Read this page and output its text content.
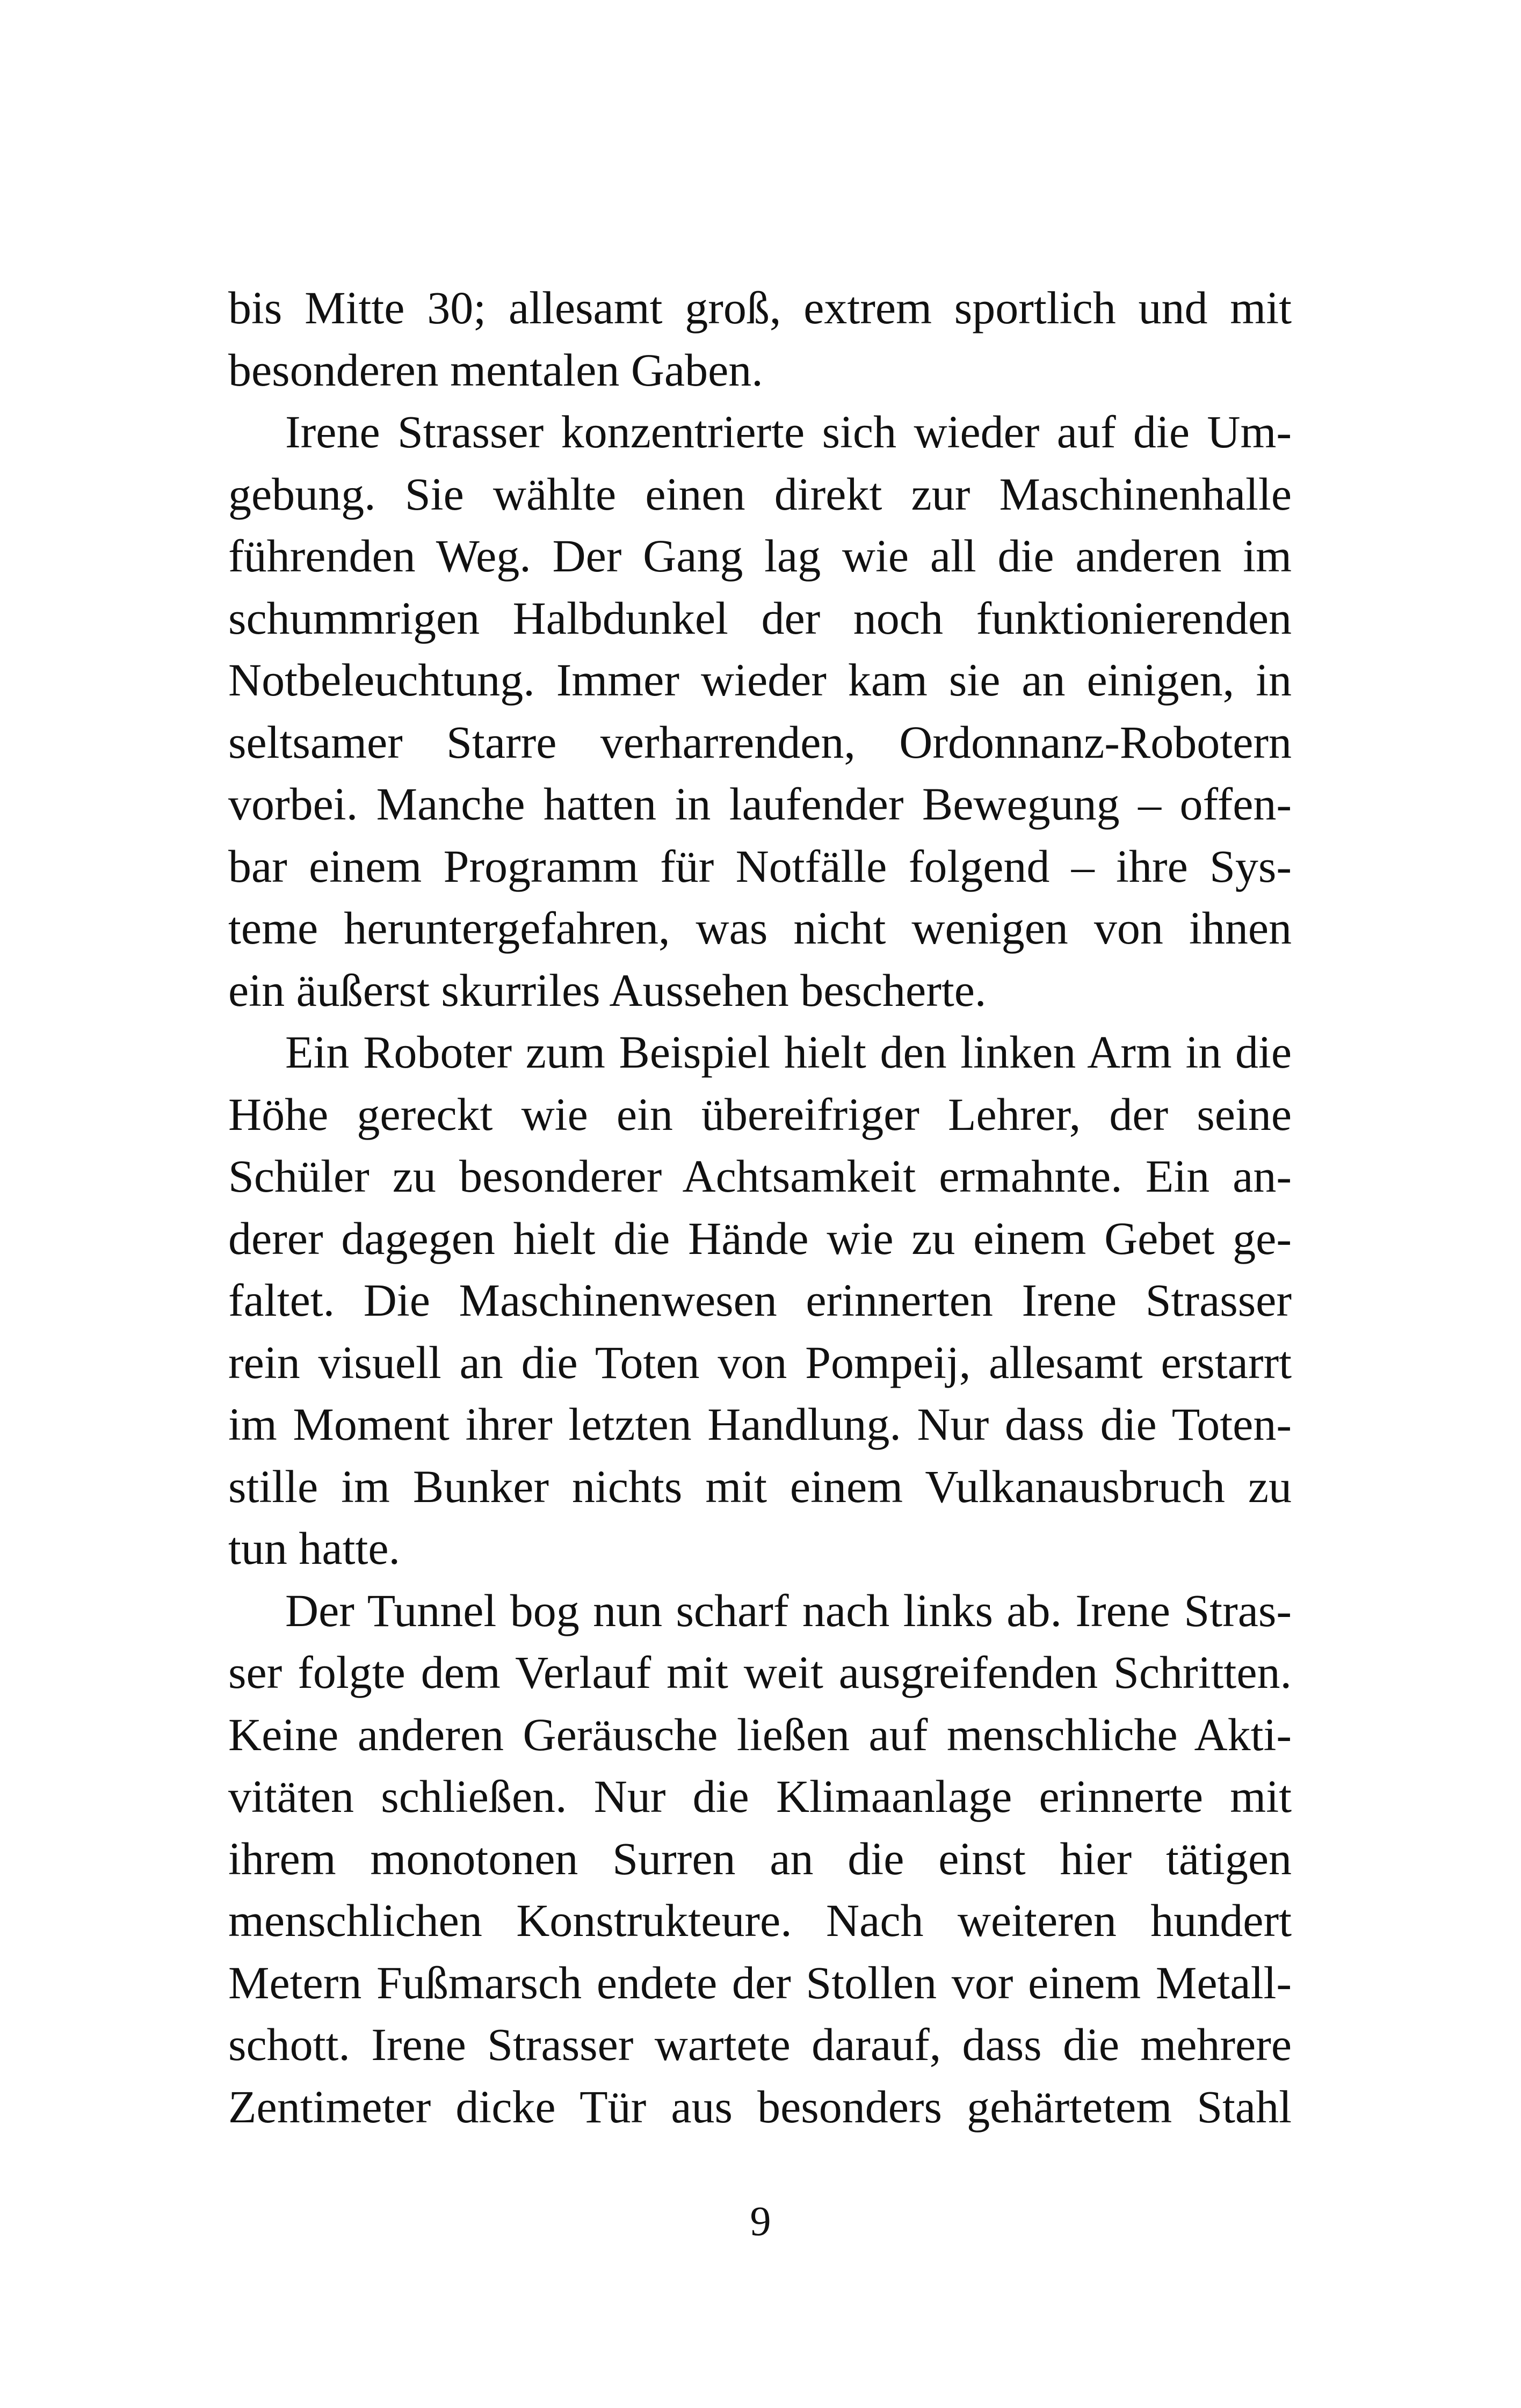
bis Mitte 30; allesamt groß, extrem sportlich und mit
besonderen mentalen Gaben.
Irene Strasser konzentrierte sich wieder auf die Um-
gebung. Sie wählte einen direkt zur Maschinenhalle
führenden Weg. Der Gang lag wie all die anderen im
schummrigen Halbdunkel der noch funktionierenden
Notbeleuchtung. Immer wieder kam sie an einigen, in
seltsamer Starre verharrenden, Ordonnanz-Robotern
vorbei. Manche hatten in laufender Bewegung – offen-
bar einem Programm für Notfälle folgend – ihre Sys-
teme heruntergefahren, was nicht wenigen von ihnen
ein äußerst skurriles Aussehen bescherte.
Ein Roboter zum Beispiel hielt den linken Arm in die
Höhe gereckt wie ein übereifriger Lehrer, der seine
Schüler zu besonderer Achtsamkeit ermahnte. Ein an-
derer dagegen hielt die Hände wie zu einem Gebet ge-
faltet. Die Maschinenwesen erinnerten Irene Strasser
rein visuell an die Toten von Pompeij, allesamt erstarrt
im Moment ihrer letzten Handlung. Nur dass die Toten-
stille im Bunker nichts mit einem Vulkanausbruch zu
tun hatte.
Der Tunnel bog nun scharf nach links ab. Irene Stras-
ser folgte dem Verlauf mit weit ausgreifenden Schritten.
Keine anderen Geräusche ließen auf menschliche Akti-
vitäten schließen. Nur die Klimaanlage erinnerte mit
ihrem monotonen Surren an die einst hier tätigen
menschlichen Konstrukteure. Nach weiteren hundert
Metern Fußmarsch endete der Stollen vor einem Metall-
schott. Irene Strasser wartete darauf, dass die mehrere
Zentimeter dicke Tür aus besonders gehärtetem Stahl
9
